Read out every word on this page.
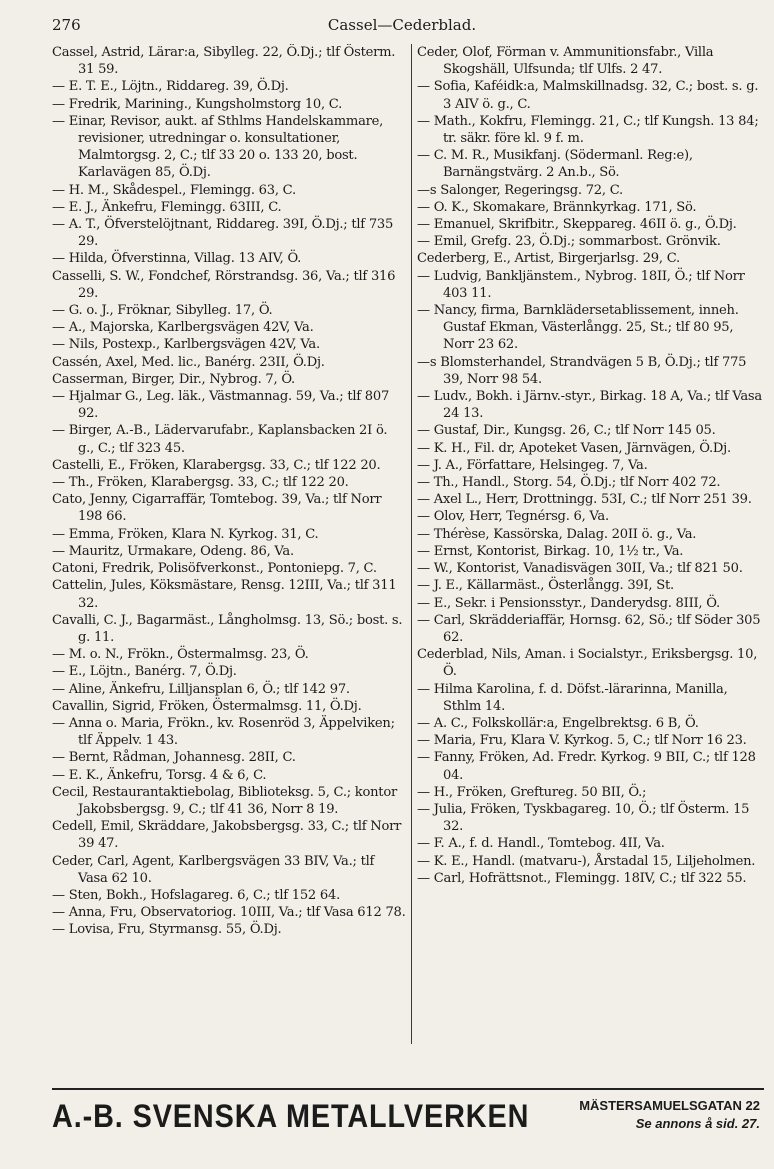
276	Cassel—Cederblad.

Cassel, Astrid, Lärar:a, Sibylleg. 22, Ö.Dj.; tlf Österm. 31 59.

— E. T. E., Löjtn., Riddareg. 39, Ö.Dj.

— Fredrik, Marining., Kungsholmstorg 10, C.

— Einar, Revisor, aukt. af Sthlms Handelskammare, revisioner, utredningar o. konsultationer, Malmtorgsg. 2, C.; tlf 33 20 o. 133 20, bost. Karlavägen 85, Ö.Dj.

— H. M., Skådespel., Flemingg. 63, C.

— E. J., Änkefru, Flemingg. 63III, C.

— A. T., Öfverstelöjtnant, Riddareg. 39I, Ö.Dj.; tlf 735 29.

— Hilda, Öfverstinna, Villag. 13 AIV, Ö.

Casselli, S. W., Fondchef, Rörstrandsg. 36, Va.; tlf 316 29.

— G. o. J., Fröknar, Sibylleg. 17, Ö.

— A., Majorska, Karlbergsvägen 42V, Va.

— Nils, Postexp., Karlbergsvägen 42V, Va.

Cassén, Axel, Med. lic., Banérg. 23II, Ö.Dj.

Casserman, Birger, Dir., Nybrog. 7, Ö.

— Hjalmar G., Leg. läk., Västmannag. 59, Va.; tlf 807 92.

— Birger, A.-B., Lädervarufabr., Kaplansbacken 2I ö. g., C.; tlf 323 45.

Castelli, E., Fröken, Klarabergsg. 33, C.; tlf 122 20.

— Th., Fröken, Klarabergsg. 33, C.; tlf 122 20.

Cato, Jenny, Cigarraffär, Tomtebog. 39, Va.; tlf Norr 198 66.

— Emma, Fröken, Klara N. Kyrkog. 31, C.

— Mauritz, Urmakare, Odeng. 86, Va.

Catoni, Fredrik, Polisöfverkonst., Pontoniерg. 7, C.

Cattelin, Jules, Köksmästare, Rensg. 12III, Va.; tlf 311 32.

Cavalli, C. J., Bagarmäst., Långholmsg. 13, Sö.; bost. s. g. 11.

— M. o. N., Frökn., Östermalmsg. 23, Ö.

— E., Löjtn., Banérg. 7, Ö.Dj.

— Aline, Änkefru, Lilljansplan 6, Ö.; tlf 142 97.

Cavallin, Sigrid, Fröken, Östermalmsg. 11, Ö.Dj.

— Anna o. Maria, Frökn., kv. Rosenröd 3, Äppelviken; tlf Äppelv. 1 43.

— Bernt, Rådman, Johannesg. 28II, C.

— E. K., Änkefru, Torsg. 4 & 6, C.

Cecil, Restaurantaktiebolag, Biblioteksg. 5, C.; kontor Jakobsbergsg. 9, C.; tlf 41 36, Norr 8 19.

Cedell, Emil, Skräddare, Jakobsbergsg. 33, C.; tlf Norr 39 47.

Ceder, Carl, Agent, Karlbergsvägen 33 BIV, Va.; tlf Vasa 62 10.

— Sten, Bokh., Hofslagareg. 6, C.; tlf 152 64.

— Anna, Fru, Observatoriog. 10III, Va.; tlf Vasa 612 78.

— Lovisa, Fru, Styrmansg. 55, Ö.Dj.

Ceder, Olof, Förman v. Ammunitionsfabr., Villa Skogshäll, Ulfsunda; tlf Ulfs. 2 47.

— Sofia, Kaféidk:a, Malmskillnadsg. 32, C.; bost. s. g. 3 AIV ö. g., C.

— Math., Kokfru, Flemingg. 21, C.; tlf Kungsh. 13 84; tr. säkr. före kl. 9 f. m.

— C. M. R., Musikfanj. (Södermanl. Reg:e), Barnängstvärg. 2 An.b., Sö.

—s Salonger, Regeringsg. 72, C.

— O. K., Skomakare, Brännkyrkag. 171, Sö.

— Emanuel, Skrifbitr., Skeppareg. 46II ö. g., Ö.Dj.

— Emil, Grefg. 23, Ö.Dj.; sommarbost. Grönvik.

Cederberg, E., Artist, Birgerjarlsg. 29, C.

— Ludvig, Bankljänstem., Nybrog. 18II, Ö.; tlf Norr 403 11.

— Nancy, firma, Barnklädersetablissement, inneh. Gustaf Ekman, Västerlångg. 25, St.; tlf 80 95, Norr 23 62.

—s Blomsterhandel, Strandvägen 5 B, Ö.Dj.; tlf 775 39, Norr 98 54.

— Ludv., Bokh. i Järnv.-styr., Birkag. 18 A, Va.; tlf Vasa 24 13.

— Gustaf, Dir., Kungsg. 26, C.; tlf Norr 145 05.

— K. H., Fil. dr, Apoteket Vasen, Järnvägen, Ö.Dj.

— J. A., Författare, Helsingeg. 7, Va.

— Th., Handl., Storg. 54, Ö.Dj.; tlf Norr 402 72.

— Axel L., Herr, Drottningg. 53I, C.; tlf Norr 251 39.

— Olov, Herr, Tegnérsg. 6, Va.

— Thérèse, Kassörska, Dalag. 20II ö. g., Va.

— Ernst, Kontorist, Birkag. 10, 1½ tr., Va.

— W., Kontorist, Vanadisvägen 30II, Va.; tlf 821 50.

— J. E., Källarmäst., Österlångg. 39I, St.

— E., Sekr. i Pensionsstyr., Danderydsg. 8III, Ö.

— Carl, Skrädderiaffär, Hornsg. 62, Sö.; tlf Söder 305 62.

Cederblad, Nils, Aman. i Socialstyr., Eriksbergsg. 10, Ö.

— Hilma Karolina, f. d. Döfst.-lärarinna, Manilla, Sthlm 14.

— A. C., Folkskollär:a, Engelbrektsg. 6 B, Ö.

— Maria, Fru, Klara V. Kyrkog. 5, C.; tlf Norr 16 23.

— Fanny, Fröken, Ad. Fredr. Kyrkog. 9 BII, C.; tlf 128 04.

— H., Fröken, Greftureg. 50 BII, Ö.;

— Julia, Fröken, Tyskbagareg. 10, Ö.; tlf Österm. 15 32.

— F. A., f. d. Handl., Tomtebog. 4II, Va.

— K. E., Handl. (matvaru-), Årstadal 15, Liljeholmen.

— Carl, Hofrättsnot., Flemingg. 18IV, C.; tlf 322 55.

A.-B. SVENSKA METALLVERKEN	MÄSTERSAMUELSGATAN 22
Se annons å sid. 27.
